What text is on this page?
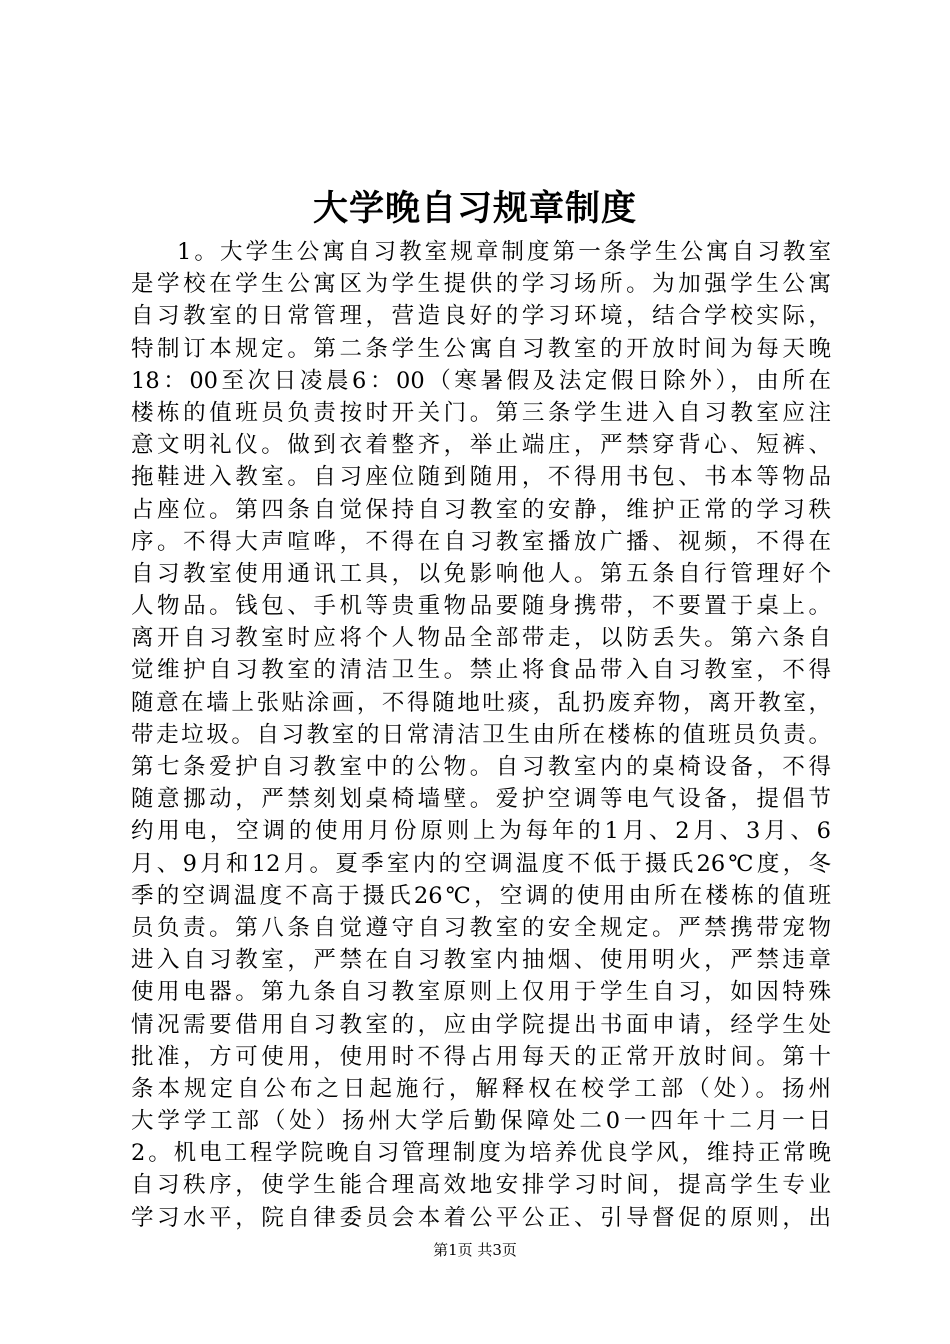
大学晚自习规章制度
1。大学生公寓自习教室规章制度第一条学生公寓自习教室
是学校在学生公寓区为学生提供的学习场所。为加强学生公寓
自习教室的日常管理，营造良好的学习环境，结合学校实际，
特制订本规定。第二条学生公寓自习教室的开放时间为每天晚
18：00至次日凌晨6：00（寒暑假及法定假日除外），由所在
楼栋的值班员负责按时开关门。第三条学生进入自习教室应注
意文明礼仪。做到衣着整齐，举止端庄，严禁穿背心、短裤、
拖鞋进入教室。自习座位随到随用，不得用书包、书本等物品
占座位。第四条自觉保持自习教室的安静，维护正常的学习秩
序。不得大声喧哗，不得在自习教室播放广播、视频，不得在
自习教室使用通讯工具，以免影响他人。第五条自行管理好个
人物品。钱包、手机等贵重物品要随身携带，不要置于桌上。
离开自习教室时应将个人物品全部带走，以防丢失。第六条自
觉维护自习教室的清洁卫生。禁止将食品带入自习教室，不得
随意在墙上张贴涂画，不得随地吐痰，乱扔废弃物，离开教室，
带走垃圾。自习教室的日常清洁卫生由所在楼栋的值班员负责。
第七条爱护自习教室中的公物。自习教室内的桌椅设备，不得
随意挪动，严禁刻划桌椅墙壁。爱护空调等电气设备，提倡节
约用电，空调的使用月份原则上为每年的1月、2月、3月、6
月、9月和12月。夏季室内的空调温度不低于摄氏26℃度，冬
季的空调温度不高于摄氏26℃，空调的使用由所在楼栋的值班
员负责。第八条自觉遵守自习教室的安全规定。严禁携带宠物
进入自习教室，严禁在自习教室内抽烟、使用明火，严禁违章
使用电器。第九条自习教室原则上仅用于学生自习，如因特殊
情况需要借用自习教室的，应由学院提出书面申请，经学生处
批准，方可使用，使用时不得占用每天的正常开放时间。第十
条本规定自公布之日起施行，解释权在校学工部（处）。扬州
大学学工部（处）扬州大学后勤保障处二0一四年十二月一日
2。机电工程学院晚自习管理制度为培养优良学风，维持正常晚
自习秩序，使学生能合理高效地安排学习时间，提高学生专业
学习水平，院自律委员会本着公平公正、引导督促的原则，出
第1页 共3页
